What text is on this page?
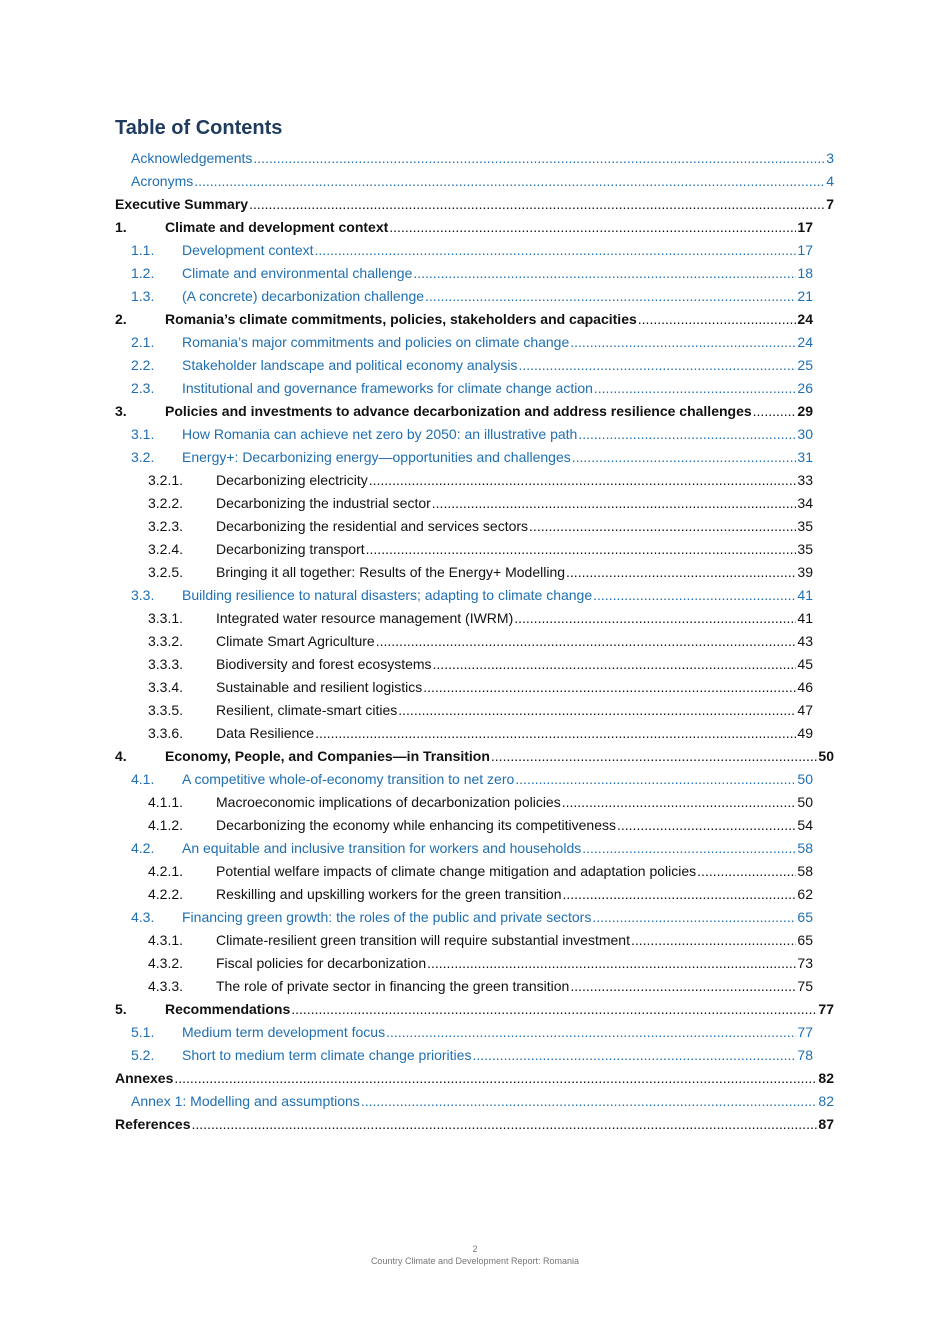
Table of Contents
Acknowledgements .....	3
Acronyms .....	4
Executive Summary .....	7
1.	Climate and development context .....	17
1.1.	Development context .....	17
1.2.	Climate and environmental challenge .....	18
1.3.	(A concrete) decarbonization challenge .....	21
2.	Romania’s climate commitments, policies, stakeholders and capacities .....	24
2.1.	Romania’s major commitments and policies on climate change .....	24
2.2.	Stakeholder landscape and political economy analysis .....	25
2.3.	Institutional and governance frameworks for climate change action .....	26
3.	Policies and investments to advance decarbonization and address resilience challenges .....	29
3.1.	How Romania can achieve net zero by 2050: an illustrative path .....	30
3.2.	Energy+: Decarbonizing energy—opportunities and challenges .....	31
3.2.1.	Decarbonizing electricity .....	33
3.2.2.	Decarbonizing the industrial sector .....	34
3.2.3.	Decarbonizing the residential and services sectors .....	35
3.2.4.	Decarbonizing transport .....	35
3.2.5.	Bringing it all together: Results of the Energy+ Modelling .....	39
3.3.	Building resilience to natural disasters; adapting to climate change .....	41
3.3.1.	Integrated water resource management (IWRM) .....	41
3.3.2.	Climate Smart Agriculture .....	43
3.3.3.	Biodiversity and forest ecosystems .....	45
3.3.4.	Sustainable and resilient logistics .....	46
3.3.5.	Resilient, climate-smart cities .....	47
3.3.6.	Data Resilience .....	49
4.	Economy, People, and Companies—in Transition .....	50
4.1.	A competitive whole-of-economy transition to net zero .....	50
4.1.1.	Macroeconomic implications of decarbonization policies .....	50
4.1.2.	Decarbonizing the economy while enhancing its competitiveness .....	54
4.2.	An equitable and inclusive transition for workers and households .....	58
4.2.1.	Potential welfare impacts of climate change mitigation and adaptation policies .....	58
4.2.2.	Reskilling and upskilling workers for the green transition .....	62
4.3.	Financing green growth: the roles of the public and private sectors .....	65
4.3.1.	Climate-resilient green transition will require substantial investment .....	65
4.3.2.	Fiscal policies for decarbonization .....	73
4.3.3.	The role of private sector in financing the green transition .....	75
5.	Recommendations .....	77
5.1.	Medium term development focus .....	77
5.2.	Short to medium term climate change priorities .....	78
Annexes .....	82
Annex 1: Modelling and assumptions .....	82
References .....	87
2
Country Climate and Development Report: Romania
